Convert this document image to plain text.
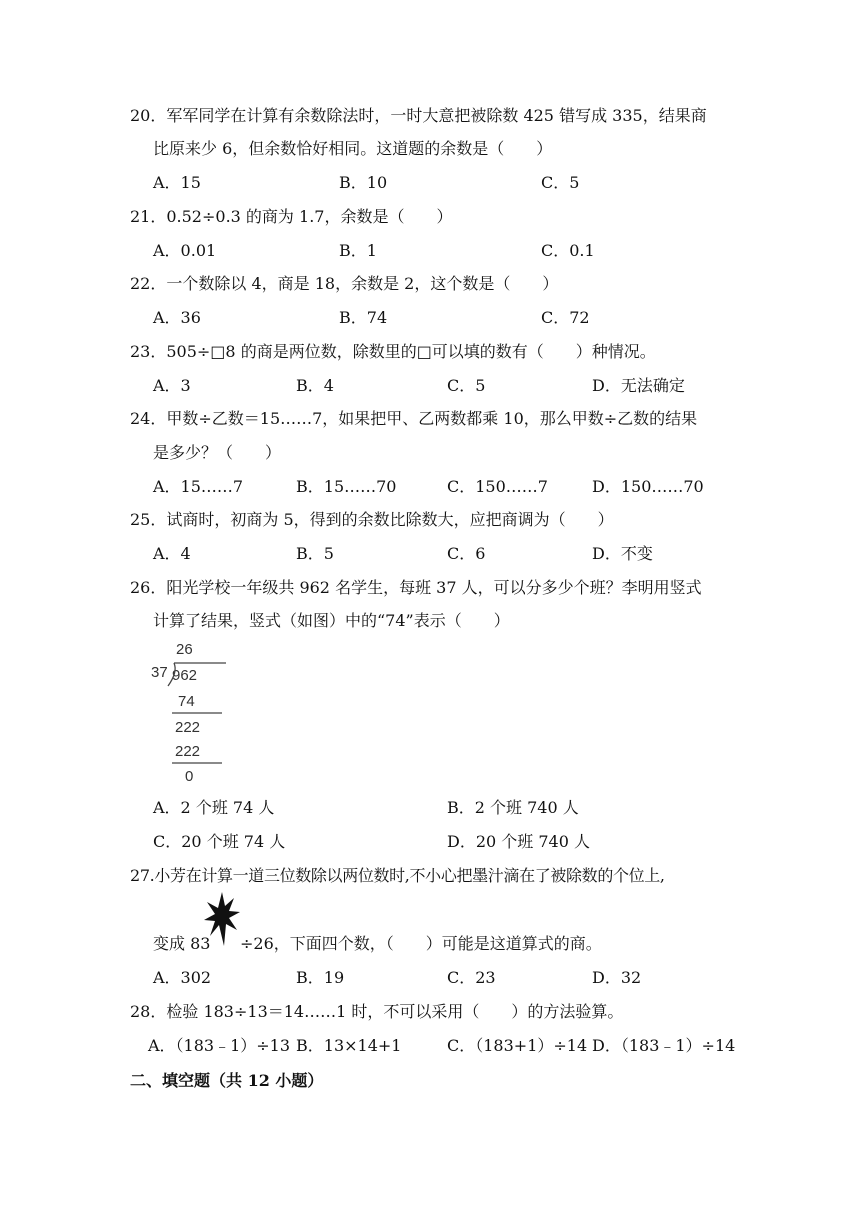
20．军军同学在计算有余数除法时，一时大意把被除数 425 错写成 335，结果商
比原来少 6，但余数恰好相同。这道题的余数是（　　）
A．15	B．10	C．5
21．0.52÷0.3 的商为 1.7，余数是（　　）
A．0.01	B．1	C．0.1
22．一个数除以 4，商是 18，余数是 2，这个数是（　　）
A．36	B．74	C．72
23．505÷□8 的商是两位数，除数里的□可以填的数有（　　）种情况。
A．3	B．4	C．5	D．无法确定
24．甲数÷乙数＝15……7，如果把甲、乙两数都乘 10，那么甲数÷乙数的结果
是多少？（　　）
A．15……7	B．15……70	C．150……7	D．150……70
25．试商时，初商为 5，得到的余数比除数大，应把商调为（　　）
A．4	B．5	C．6	D．不变
26．阳光学校一年级共 962 名学生，每班 37 人，可以分多少个班？李明用竖式
计算了结果，竖式（如图）中的“74”表示（　　）
26
37 962
74
222
222
0
A．2 个班 74 人	B．2 个班 740 人
C．20 个班 74 人	D．20 个班 740 人
27.小芳在计算一道三位数除以两位数时,不小心把墨汁滴在了被除数的个位上,
变成 83 ÷26，下面四个数，（　　）可能是这道算式的商。
A．302	B．19	C．23	D．32
28．检验 183÷13＝14……1 时，不可以采用（　　）的方法验算。
A．（183﹣1）÷13 B．13×14+1	C．（183+1）÷14 D．（183﹣1）÷14
二、填空题（共 12 小题）
